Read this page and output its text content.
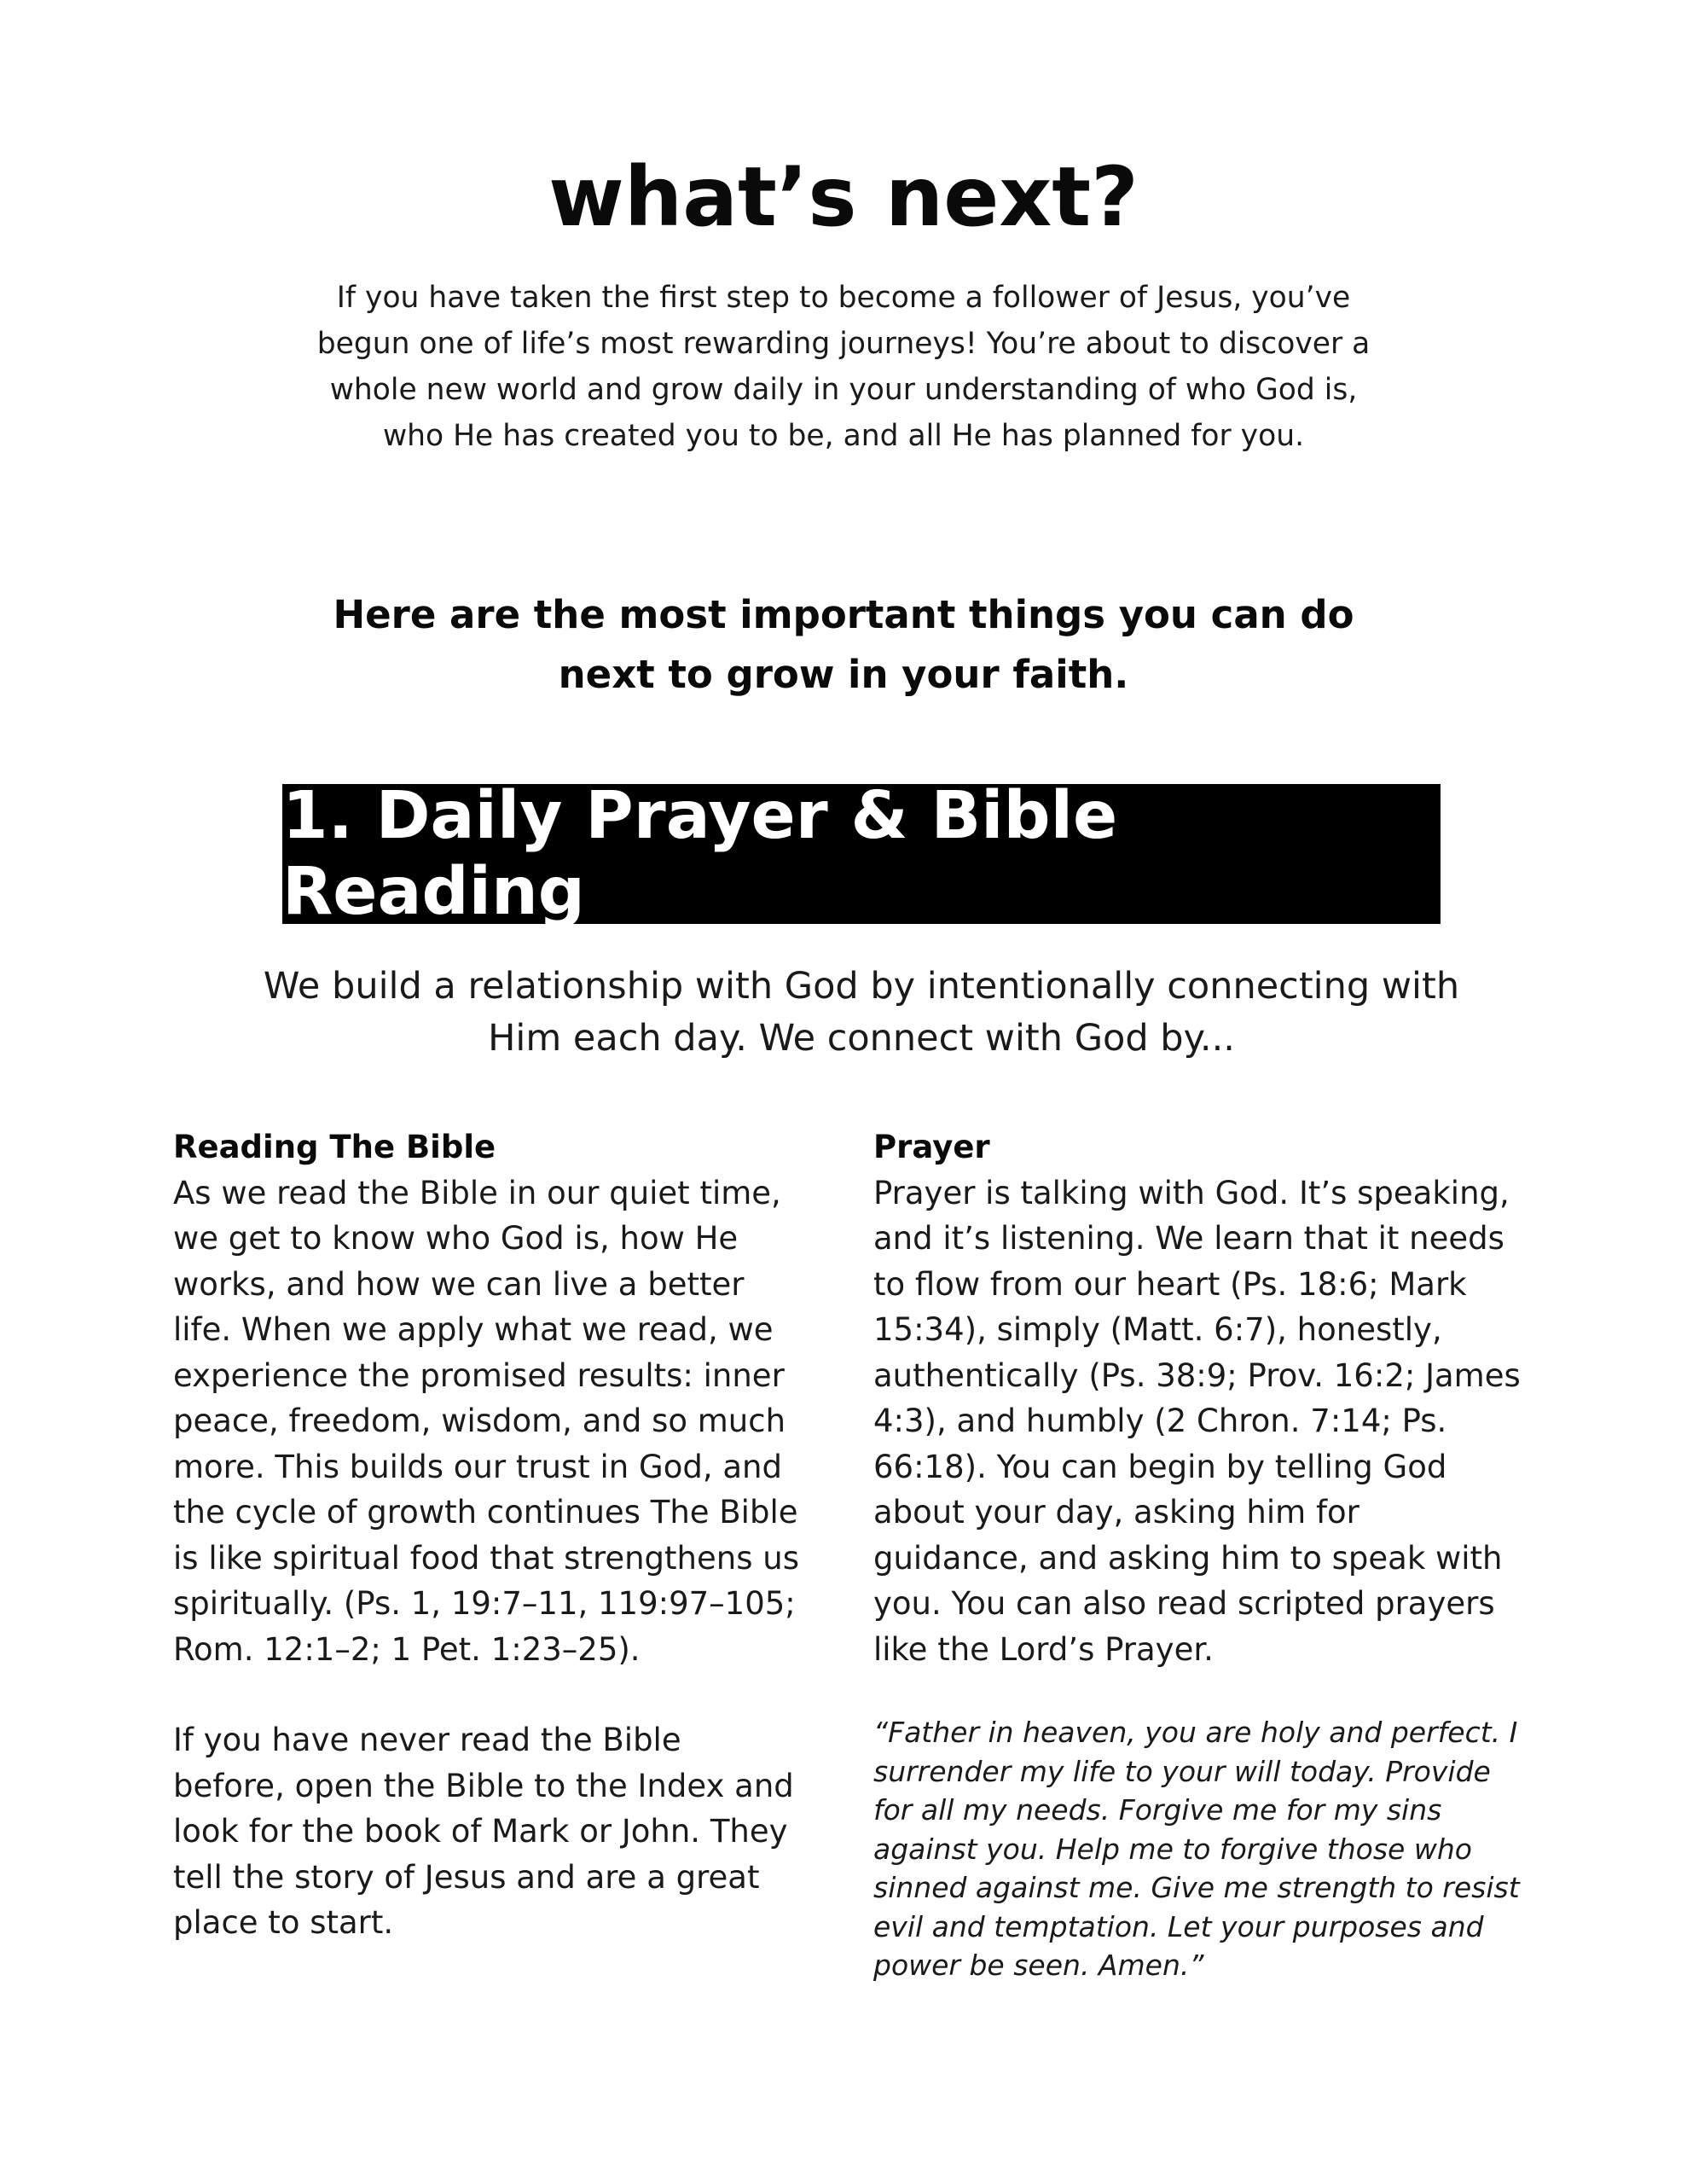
what’s next?

If you have taken the first step to become a follower of Jesus, you’ve begun one of life’s most rewarding journeys! You’re about to discover a whole new world and grow daily in your understanding of who God is, who He has created you to be, and all He has planned for you.

Here are the most important things you can do next to grow in your faith.

1. Daily Prayer & Bible Reading

We build a relationship with God by intentionally connecting with Him each day. We connect with God by...

Reading The Bible

As we read the Bible in our quiet time, we get to know who God is, how He works, and how we can live a better life. When we apply what we read, we experience the promised results: inner peace, freedom, wisdom, and so much more. This builds our trust in God, and the cycle of growth continues The Bible is like spiritual food that strengthens us spiritually. (Ps. 1, 19:7–11, 119:97–105; Rom. 12:1–2; 1 Pet. 1:23–25).

If you have never read the Bible before, open the Bible to the Index and look for the book of Mark or John. They tell the story of Jesus and are a great place to start.

Prayer

Prayer is talking with God. It’s speaking, and it’s listening. We learn that it needs to flow from our heart (Ps. 18:6; Mark 15:34), simply (Matt. 6:7), honestly, authentically (Ps. 38:9; Prov. 16:2; James 4:3), and humbly (2 Chron. 7:14; Ps. 66:18). You can begin by telling God about your day, asking him for guidance, and asking him to speak with you. You can also read scripted prayers like the Lord’s Prayer.

“Father in heaven, you are holy and perfect. I surrender my life to your will today. Provide for all my needs. Forgive me for my sins against you. Help me to forgive those who sinned against me. Give me strength to resist evil and temptation. Let your purposes and power be seen. Amen.”
